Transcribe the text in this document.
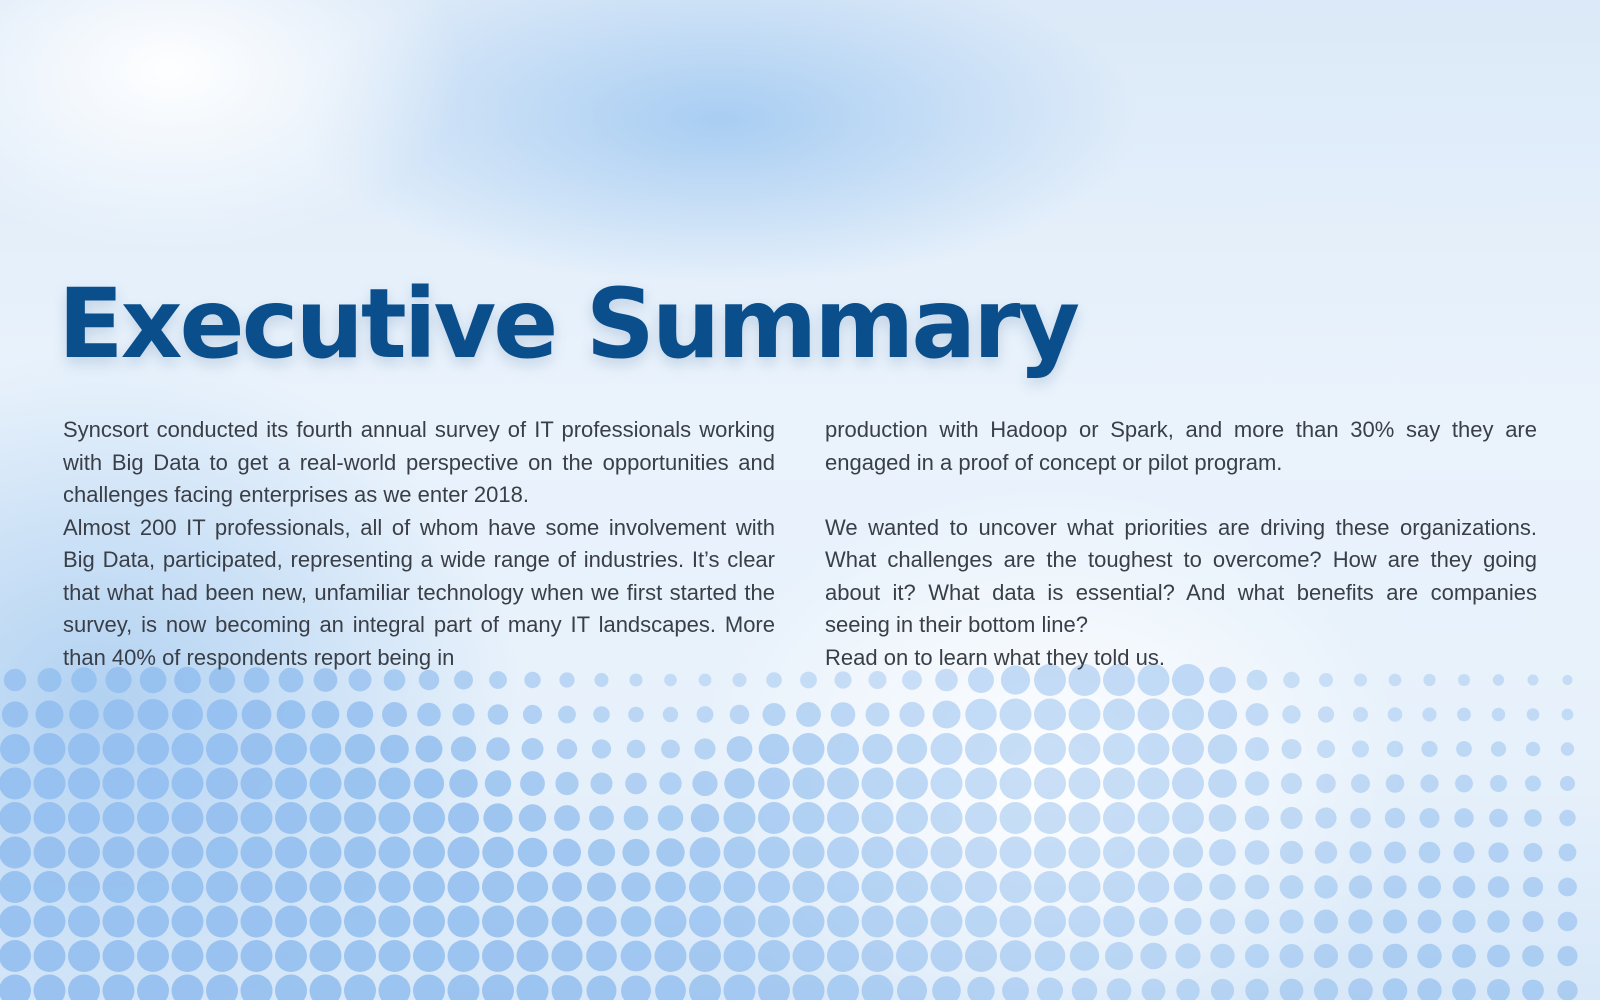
Executive Summary

Syncsort conducted its fourth annual survey of IT professionals working with Big Data to get a real-world perspective on the opportunities and challenges facing enterprises as we enter 2018.

Almost 200 IT professionals, all of whom have some involvement with Big Data, participated, representing a wide range of industries. It’s clear that what had been new, unfamiliar technology when we first started the survey, is now becoming an integral part of many IT landscapes. More than 40% of respondents report being in

production with Hadoop or Spark, and more than 30% say they are engaged in a proof of concept or pilot program.

We wanted to uncover what priorities are driving these organizations. What challenges are the toughest to overcome? How are they going about it? What data is essential? And what benefits are companies seeing in their bottom line?

Read on to learn what they told us.
